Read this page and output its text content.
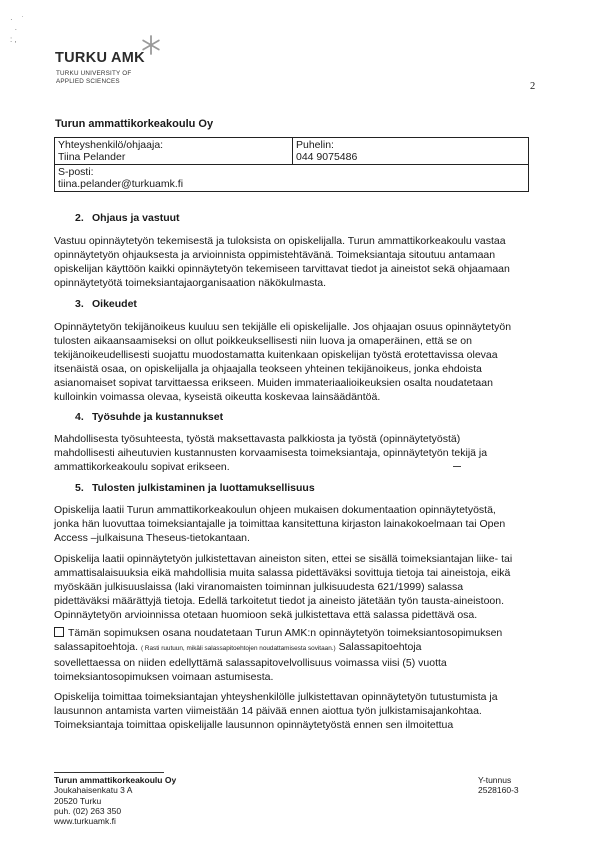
·    ˙
·
: ,
TURKU AMK
TURKU UNIVERSITY OF
APPLIED SCIENCES	2
Turun ammattikorkeakoulu Oy
Yhteyshenkilö/ohjaaja:
Tiina Pelander

Puhelin:
044 9075486

S-posti:
tiina.pelander@turkuamk.fi
2. Ohjaus ja vastuut
Vastuu opinnäytetyön tekemisestä ja tuloksista on opiskelijalla. Turun ammattikorkeakoulu vastaa
opinnäytetyön ohjauksesta ja arvioinnista oppimistehtävänä. Toimeksiantaja sitoutuu antamaan
opiskelijan käyttöön kaikki opinnäytetyön tekemiseen tarvittavat tiedot ja aineistot sekä ohjaamaan
opinnäytetyötä toimeksiantajaorganisaation näkökulmasta.
3. Oikeudet
Opinnäytetyön tekijänoikeus kuuluu sen tekijälle eli opiskelijalle. Jos ohjaajan osuus opinnäytetyön
tulosten aikaansaamiseksi on ollut poikkeuksellisesti niin luova ja omaperäinen, että se on
tekijänoikeudellisesti suojattu muodostamatta kuitenkaan opiskelijan työstä erotettavissa olevaa
itsenäistä osaa, on opiskelijalla ja ohjaajalla teokseen yhteinen tekijänoikeus, jonka ehdoista
asianomaiset sopivat tarvittaessa erikseen. Muiden immateriaalioikeuksien osalta noudatetaan
kulloinkin voimassa olevaa, kyseistä oikeutta koskevaa lainsäädäntöä.
4. Työsuhde ja kustannukset
Mahdollisesta työsuhteesta, työstä maksettavasta palkkiosta ja työstä (opinnäytetyöstä)
mahdollisesti aiheutuvien kustannusten korvaamisesta toimeksiantaja, opinnäytetyön tekijä ja
ammattikorkeakoulu sopivat erikseen.
5. Tulosten julkistaminen ja luottamuksellisuus
Opiskelija laatii Turun ammattikorkeakoulun ohjeen mukaisen dokumentaation opinnäytetyöstä,
jonka hän luovuttaa toimeksiantajalle ja toimittaa kansitettuna kirjaston lainakokoelmaan tai Open
Access –julkaisuna Theseus-tietokantaan.
Opiskelija laatii opinnäytetyön julkistettavan aineiston siten, ettei se sisällä toimeksiantajan liike- tai
ammattisalaisuuksia eikä mahdollisia muita salassa pidettäväksi sovittuja tietoja tai aineistoja, eikä
myöskään julkisuuslaissa (laki viranomaisten toiminnan julkisuudesta 621/1999) salassa
pidettäväksi määrättyjä tietoja. Edellä tarkoitetut tiedot ja aineisto jätetään työn tausta-aineistoon.
Opinnäytetyön arvioinnissa otetaan huomioon sekä julkistettava että salassa pidettävä osa.
Tämän sopimuksen osana noudatetaan Turun AMK:n opinnäytetyön toimeksiantosopimuksen
salassapitoehtoja. ( Rasti ruutuun, mikäli salassapitoehtojen noudattamisesta sovitaan.) Salassapitoehtoja
sovellettaessa on niiden edellyttämä salassapitovelvollisuus voimassa viisi (5) vuotta
toimeksiantosopimuksen voimaan astumisesta.
Opiskelija toimittaa toimeksiantajan yhteyshenkilölle julkistettavan opinnäytetyön tutustumista ja
lausunnon antamista varten viimeistään 14 päivää ennen aiottua työn julkistamisajankohtaa.
Toimeksiantaja toimittaa opiskelijalle lausunnon opinnäytetyöstä ennen sen ilmoitettua
Turun ammattikorkeakoulu Oy
Joukahaisenkatu 3 A
20520 Turku
puh. (02) 263 350
www.turkuamk.fi
Y-tunnus
2528160-3
